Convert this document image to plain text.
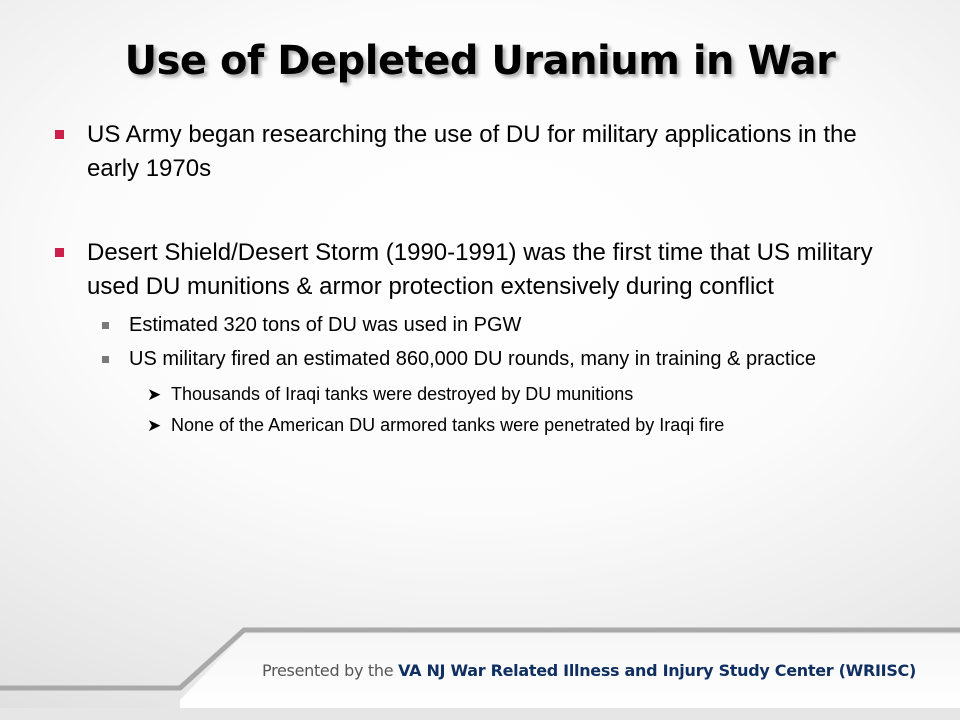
Use of Depleted Uranium in War
US Army began researching the use of DU for military applications in the early 1970s
Desert Shield/Desert Storm (1990-1991) was the first time that US military used DU munitions & armor protection extensively during conflict
Estimated 320 tons of DU was used in PGW
US military fired an estimated 860,000 DU rounds, many in training & practice
➤ Thousands of Iraqi tanks were destroyed by DU munitions
➤ None of the American DU armored tanks were penetrated by Iraqi fire
Presented by the VA NJ War Related Illness and Injury Study Center (WRIISC)
